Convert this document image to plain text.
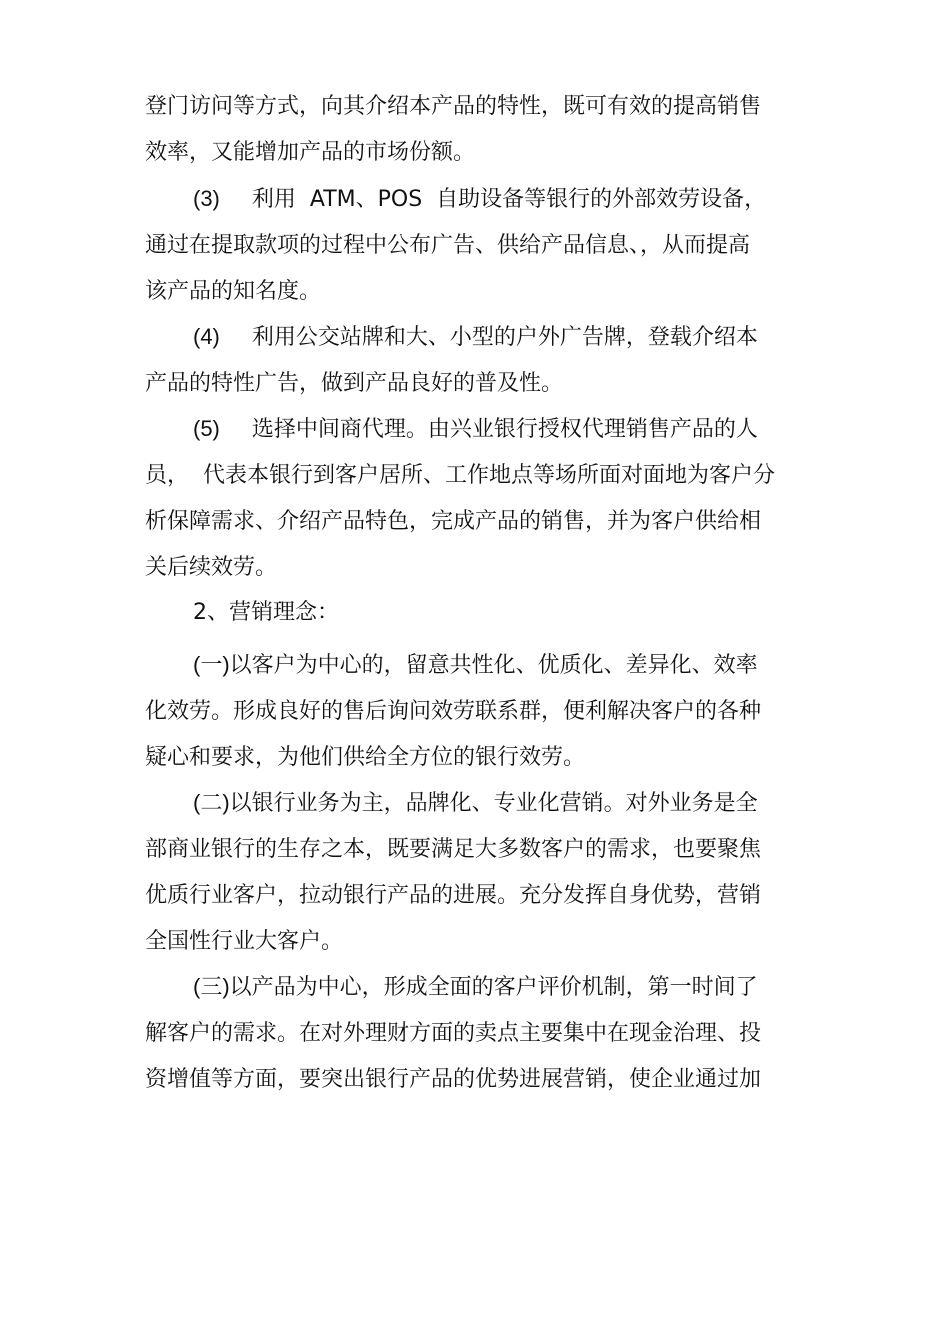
登门访问等方式，向其介绍本产品的特性，既可有效的提高销售
效率，又能增加产品的市场份额。

(3) 利用  ATM、POS  自助设备等银行的外部效劳设备，
通过在提取款项的过程中公布广告、供给产品信息、，从而提高
该产品的知名度。

(4) 利用公交站牌和大、小型的户外广告牌，登载介绍本
产品的特性广告，做到产品良好的普及性。

(5) 选择中间商代理。由兴业银行授权代理销售产品的人
员，  代表本银行到客户居所、工作地点等场所面对面地为客户分
析保障需求、介绍产品特色，完成产品的销售，并为客户供给相
关后续效劳。

2、营销理念：

(一)以客户为中心的，留意共性化、优质化、差异化、效率
化效劳。形成良好的售后询问效劳联系群，便利解决客户的各种
疑心和要求，为他们供给全方位的银行效劳。

(二)以银行业务为主，品牌化、专业化营销。对外业务是全
部商业银行的生存之本，既要满足大多数客户的需求，也要聚焦
优质行业客户，拉动银行产品的进展。充分发挥自身优势，营销
全国性行业大客户。

(三)以产品为中心，形成全面的客户评价机制，第一时间了
解客户的需求。在对外理财方面的卖点主要集中在现金治理、投
资增值等方面，要突出银行产品的优势进展营销，使企业通过加
